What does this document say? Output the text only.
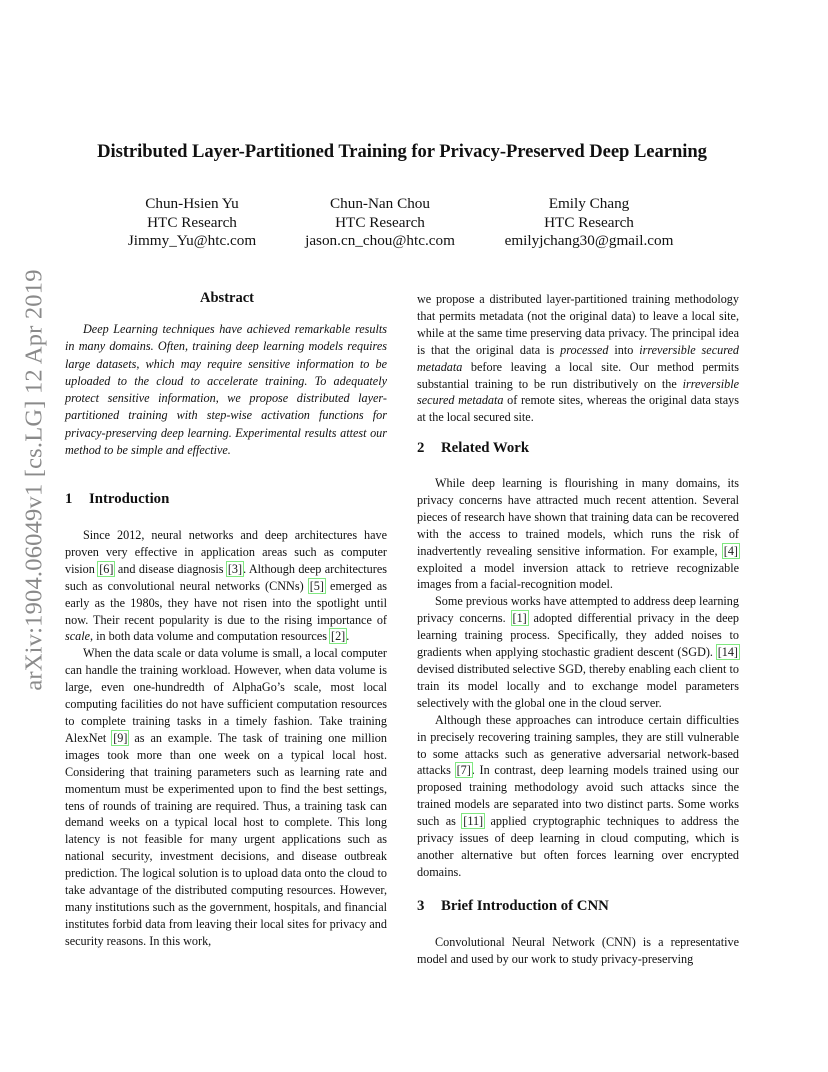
arXiv:1904.06049v1 [cs.LG] 12 Apr 2019
Distributed Layer-Partitioned Training for Privacy-Preserved Deep Learning
Chun-Hsien Yu
HTC Research
Jimmy_Yu@htc.com
Chun-Nan Chou
HTC Research
jason.cn_chou@htc.com
Emily Chang
HTC Research
emilyjchang30@gmail.com
Abstract

Deep Learning techniques have achieved remarkable results in many domains. Often, training deep learning models requires large datasets, which may require sensitive information to be uploaded to the cloud to accelerate training. To adequately protect sensitive information, we propose distributed layer-partitioned training with step-wise activation functions for privacy-preserving deep learning. Experimental results attest our method to be simple and effective.

1 Introduction

Since 2012, neural networks and deep architectures have proven very effective in application areas such as computer vision [6] and disease diagnosis [3]. Although deep architectures such as convolutional neural networks (CNNs) [5] emerged as early as the 1980s, they have not risen into the spotlight until now. Their recent popularity is due to the rising importance of scale, in both data volume and computation resources [2].

When the data scale or data volume is small, a local computer can handle the training workload. However, when data volume is large, even one-hundredth of AlphaGo’s scale, most local computing facilities do not have sufficient computation resources to complete training tasks in a timely fashion. Take training AlexNet [9] as an example. The task of training one million images took more than one week on a typical local host. Considering that training parameters such as learning rate and momentum must be experimented upon to find the best settings, tens of rounds of training are required. Thus, a training task can demand weeks on a typical local host to complete. This long latency is not feasible for many urgent applications such as national security, investment decisions, and disease outbreak prediction. The logical solution is to upload data onto the cloud to take advantage of the distributed computing resources. However, many institutions such as the government, hospitals, and financial institutes forbid data from leaving their local sites for privacy and security reasons. In this work,

we propose a distributed layer-partitioned training methodology that permits metadata (not the original data) to leave a local site, while at the same time preserving data privacy. The principal idea is that the original data is processed into irreversible secured metadata before leaving a local site. Our method permits substantial training to be run distributively on the irreversible secured metadata of remote sites, whereas the original data stays at the local secured site.

2 Related Work

While deep learning is flourishing in many domains, its privacy concerns have attracted much recent attention. Several pieces of research have shown that training data can be recovered with the access to trained models, which runs the risk of inadvertently revealing sensitive information. For example, [4] exploited a model inversion attack to retrieve recognizable images from a facial-recognition model.

Some previous works have attempted to address deep learning privacy concerns. [1] adopted differential privacy in the deep learning training process. Specifically, they added noises to gradients when applying stochastic gradient descent (SGD). [14] devised distributed selective SGD, thereby enabling each client to train its model locally and to exchange model parameters selectively with the global one in the cloud server.

Although these approaches can introduce certain difficulties in precisely recovering training samples, they are still vulnerable to some attacks such as generative adversarial network-based attacks [7]. In contrast, deep learning models trained using our proposed training methodology avoid such attacks since the trained models are separated into two distinct parts. Some works such as [11] applied cryptographic techniques to address the privacy issues of deep learning in cloud computing, which is another alternative but often forces learning over encrypted domains.

3 Brief Introduction of CNN

Convolutional Neural Network (CNN) is a representative model and used by our work to study privacy-preserving
